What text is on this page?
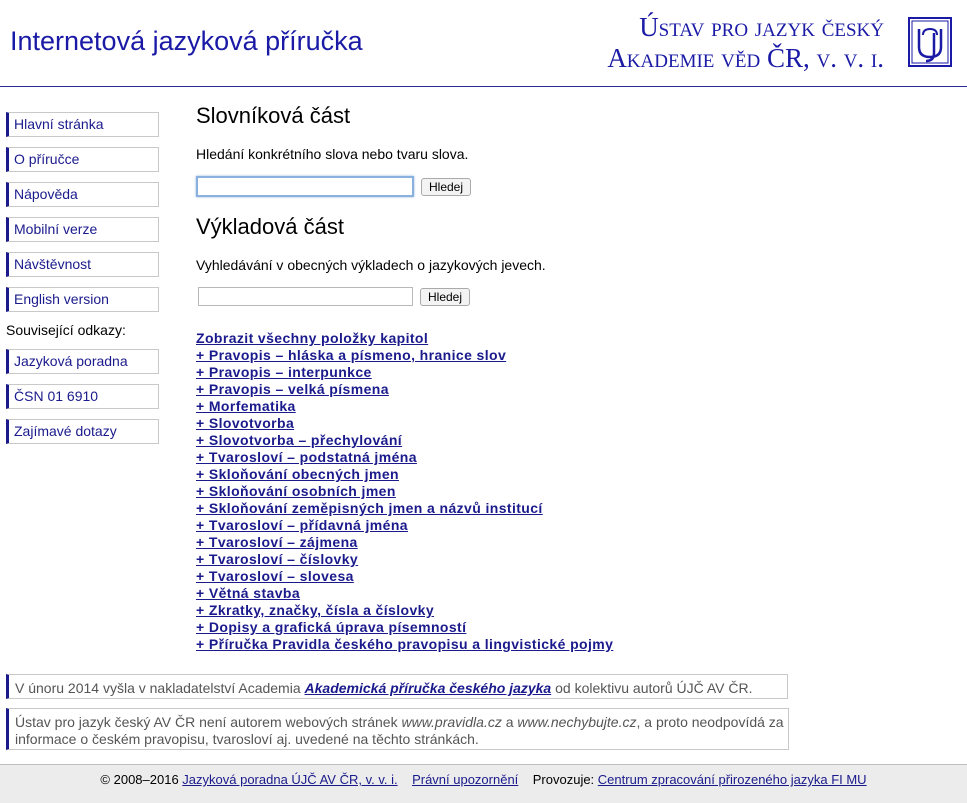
Internetová jazyková příručka	Ústav pro jazyk český
Akademie věd ČR, v. v. i.
Hlavní stránka
O příručce
Nápověda
Mobilní verze
Návštěvnost
English version
Související odkazy:
Jazyková poradna
ČSN 01 6910
Zajímavé dotazy
Slovníková část

Hledání konkrétního slova nebo tvaru slova.

Hledej
Výkladová část

Vyhledávání v obecných výkladech o jazykových jevech.

Hledej
Zobrazit všechny položky kapitol
+ Pravopis – hláska a písmeno, hranice slov
+ Pravopis – interpunkce
+ Pravopis – velká písmena
+ Morfematika
+ Slovotvorba
+ Slovotvorba – přechylování
+ Tvarosloví – podstatná jména
+ Skloňování obecných jmen
+ Skloňování osobních jmen
+ Skloňování zeměpisných jmen a názvů institucí
+ Tvarosloví – přídavná jména
+ Tvarosloví – zájmena
+ Tvarosloví – číslovky
+ Tvarosloví – slovesa
+ Větná stavba
+ Zkratky, značky, čísla a číslovky
+ Dopisy a grafická úprava písemností
+ Příručka Pravidla českého pravopisu a lingvistické pojmy
V únoru 2014 vyšla v nakladatelství Academia Akademická příručka českého jazyka od kolektivu autorů ÚJČ AV ČR.
Ústav pro jazyk český AV ČR není autorem webových stránek www.pravidla.cz a www.nechybujte.cz, a proto neodpovídá za informace o českém pravopisu, tvarosloví aj. uvedené na těchto stránkách.
© 2008–2016 Jazyková poradna ÚJČ AV ČR, v. v. i. Právní upozornění Provozuje: Centrum zpracování přirozeného jazyka FI MU
